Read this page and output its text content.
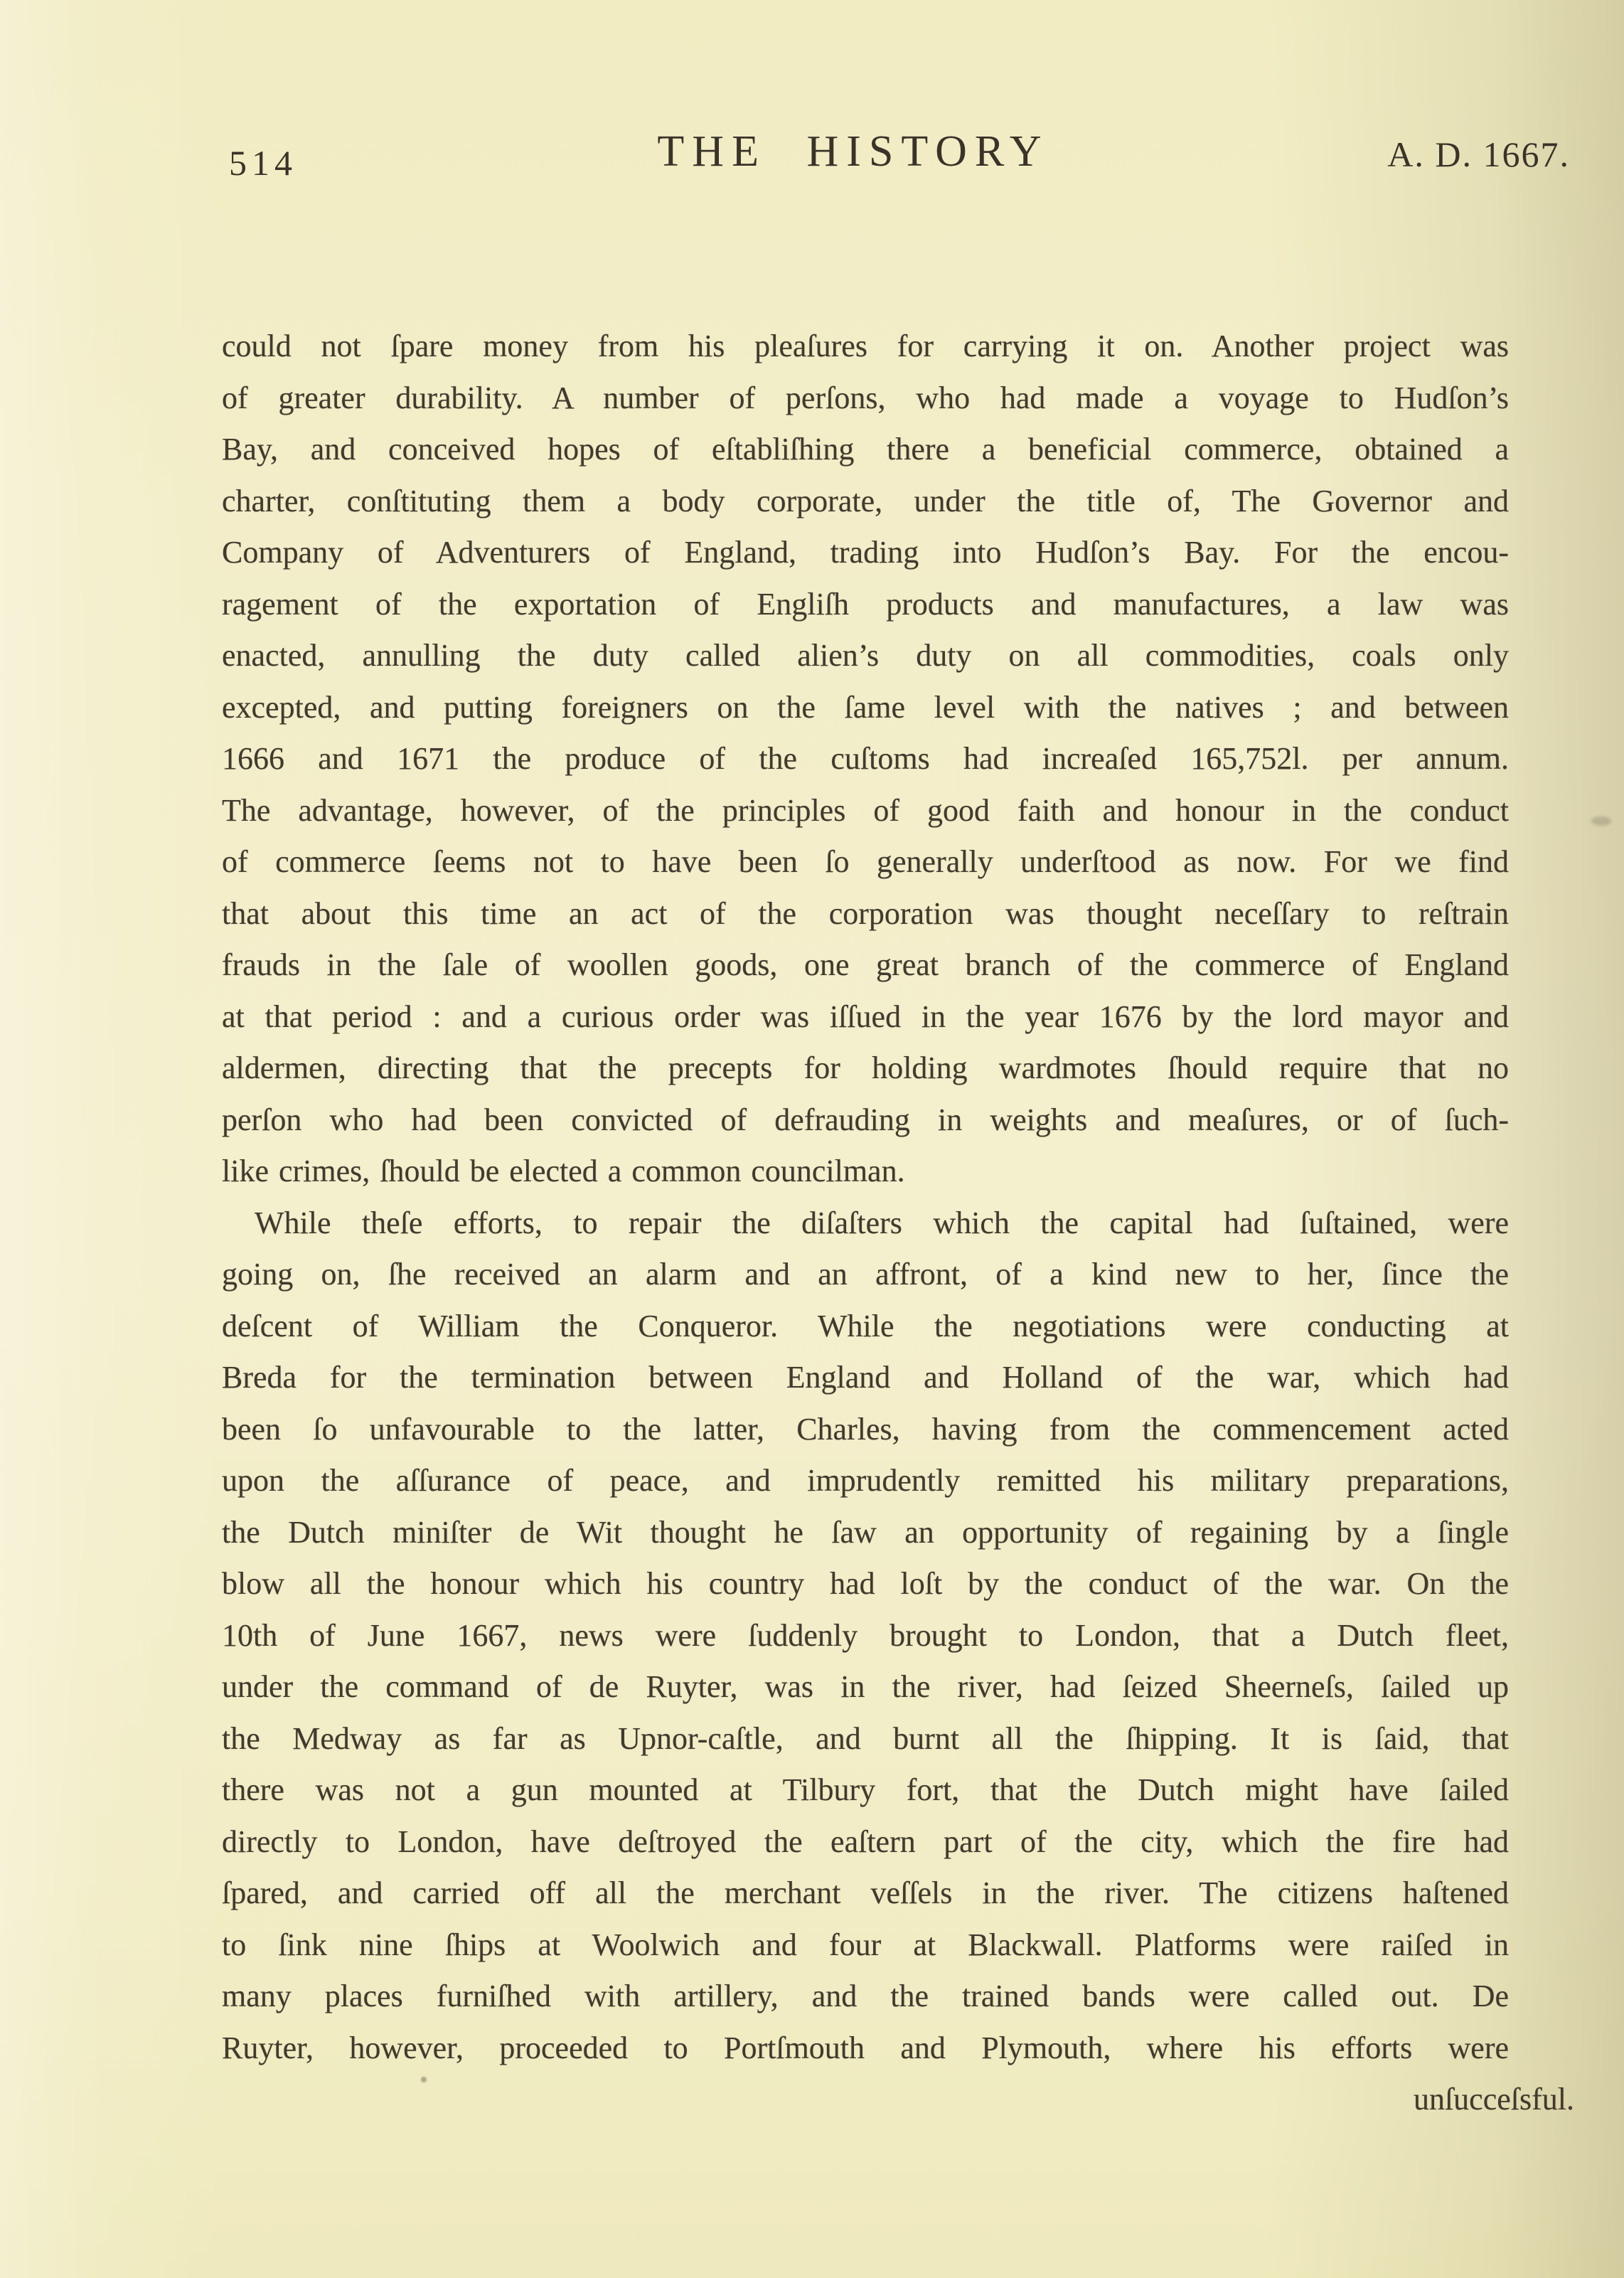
514	THE HISTORY	A. D. 1667.
could not ſpare money from his pleaſures for carrying it on. Another project was
of greater durability. A number of perſons, who had made a voyage to Hudſon’s
Bay, and conceived hopes of eſtabliſhing there a beneficial commerce, obtained a
charter, conſtituting them a body corporate, under the title of, The Governor and
Company of Adventurers of England, trading into Hudſon’s Bay. For the encou-
ragement of the exportation of Engliſh products and manufactures, a law was
enacted, annulling the duty called alien’s duty on all commodities, coals only
excepted, and putting foreigners on the ſame level with the natives ; and between
1666 and 1671 the produce of the cuſtoms had increaſed 165,752l. per annum.
The advantage, however, of the principles of good faith and honour in the conduct
of commerce ſeems not to have been ſo generally underſtood as now. For we find
that about this time an act of the corporation was thought neceſſary to reſtrain
frauds in the ſale of woollen goods, one great branch of the commerce of England
at that period : and a curious order was iſſued in the year 1676 by the lord mayor and
aldermen, directing that the precepts for holding wardmotes ſhould require that no
perſon who had been convicted of defrauding in weights and meaſures, or of ſuch-
like crimes, ſhould be elected a common councilman.
While theſe efforts, to repair the diſaſters which the capital had ſuſtained, were
going on, ſhe received an alarm and an affront, of a kind new to her, ſince the
deſcent of William the Conqueror. While the negotiations were conducting at
Breda for the termination between England and Holland of the war, which had
been ſo unfavourable to the latter, Charles, having from the commencement acted
upon the aſſurance of peace, and imprudently remitted his military preparations,
the Dutch miniſter de Wit thought he ſaw an opportunity of regaining by a ſingle
blow all the honour which his country had loſt by the conduct of the war. On the
10th of June 1667, news were ſuddenly brought to London, that a Dutch fleet,
under the command of de Ruyter, was in the river, had ſeized Sheerneſs, ſailed up
the Medway as far as Upnor-caſtle, and burnt all the ſhipping. It is ſaid, that
there was not a gun mounted at Tilbury fort, that the Dutch might have ſailed
directly to London, have deſtroyed the eaſtern part of the city, which the fire had
ſpared, and carried off all the merchant veſſels in the river. The citizens haſtened
to ſink nine ſhips at Woolwich and four at Blackwall. Platforms were raiſed in
many places furniſhed with artillery, and the trained bands were called out. De
Ruyter, however, proceeded to Portſmouth and Plymouth, where his efforts were
unſucceſsful.
